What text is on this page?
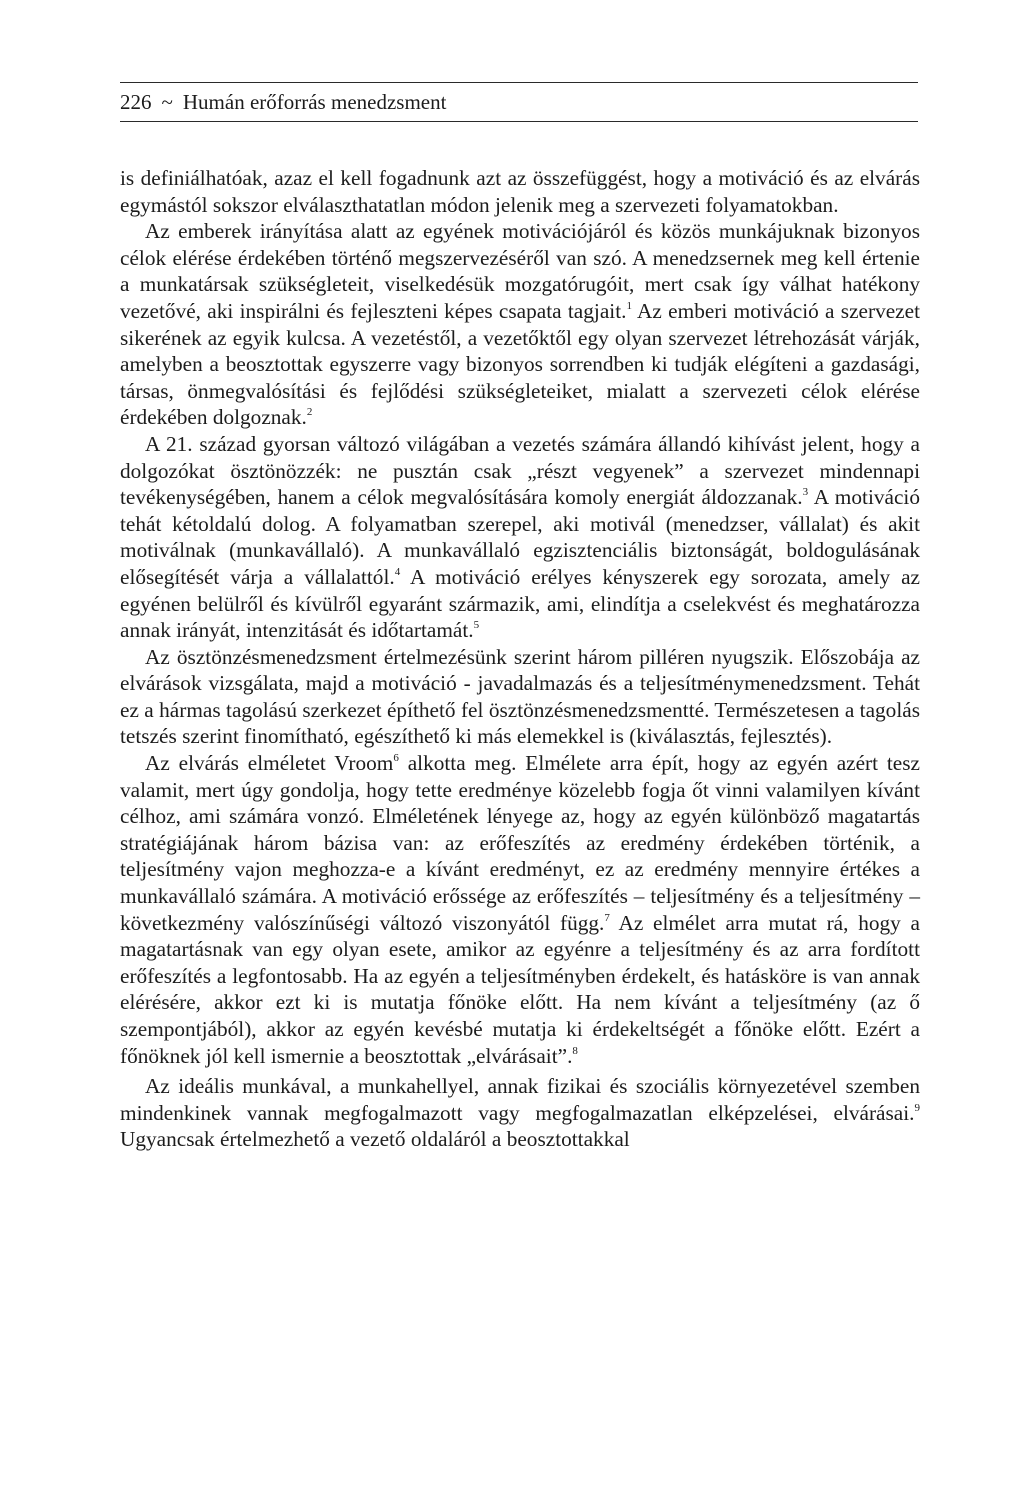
226 ~ Humán erőforrás menedzsment

is definiálhatóak, azaz el kell fogadnunk azt az összefüggést, hogy a motiváció és az elvárás egymástól sokszor elválaszthatatlan módon jelenik meg a szervezeti folyamatokban.

Az emberek irányítása alatt az egyének motivációjáról és közös munkájuknak bizonyos célok elérése érdekében történő megszervezéséről van szó. A menedzsernek meg kell értenie a munkatársak szükségleteit, viselkedésük mozgatórugóit, mert csak így válhat hatékony vezetővé, aki inspirálni és fejleszteni képes csapata tagjait.$^1$ Az emberi motiváció a szervezet sikerének az egyik kulcsa. A vezetéstől, a vezetőktől egy olyan szervezet létrehozását várják, amelyben a beosztottak egyszerre vagy bizonyos sorrendben ki tudják elégíteni a gazdasági, társas, önmegvalósítási és fejlődési szükségleteiket, mialatt a szervezeti célok elérése érdekében dolgoznak.$^2$

A 21. század gyorsan változó világában a vezetés számára állandó kihívást jelent, hogy a dolgozókat ösztönözzék: ne pusztán csak „részt vegyenek” a szervezet mindennapi tevékenységében, hanem a célok megvalósítására komoly energiát áldozzanak.$^3$ A motiváció tehát kétoldalú dolog. A folyamatban szerepel, aki motivál (menedzser, vállalat) és akit motiválnak (munkavállaló). A munkavállaló egzisztenciális biztonságát, boldogulásának elősegítését várja a vállalattól.$^4$ A motiváció erélyes kényszerek egy sorozata, amely az egyénen belülről és kívülről egyaránt származik, ami, elindítja a cselekvést és meghatározza annak irányát, intenzitását és időtartamát.$^5$

Az ösztönzésmenedzsment értelmezésünk szerint három pilléren nyugszik. Előszobája az elvárások vizsgálata, majd a motiváció - javadalmazás és a teljesítménymenedzsment. Tehát ez a hármas tagolású szerkezet építhető fel ösztönzésmenedzsmentté. Természetesen a tagolás tetszés szerint finomítható, egészíthető ki más elemekkel is (kiválasztás, fejlesztés).

Az elvárás elméletet Vroom$^6$ alkotta meg. Elmélete arra épít, hogy az egyén azért tesz valamit, mert úgy gondolja, hogy tette eredménye közelebb fogja őt vinni valamilyen kívánt célhoz, ami számára vonzó. Elméletének lényege az, hogy az egyén különböző magatartás stratégiájának három bázisa van: az erőfeszítés az eredmény érdekében történik, a teljesítmény vajon meghozza-e a kívánt eredményt, ez az eredmény mennyire értékes a munkavállaló számára. A motiváció erőssége az erőfeszítés – teljesítmény és a teljesítmény – következmény valószínűségi változó viszonyától függ.$^7$ Az elmélet arra mutat rá, hogy a magatartásnak van egy olyan esete, amikor az egyénre a teljesítmény és az arra fordított erőfeszítés a legfontosabb. Ha az egyén a teljesítményben érdekelt, és hatásköre is van annak elérésére, akkor ezt ki is mutatja főnöke előtt. Ha nem kívánt a teljesítmény (az ő szempontjából), akkor az egyén kevésbé mutatja ki érdekeltségét a főnöke előtt. Ezért a főnöknek jól kell ismernie a beosztottak „elvárásait”.$^8$

Az ideális munkával, a munkahellyel, annak fizikai és szociális környezetével szemben mindenkinek vannak megfogalmazott vagy megfogalmazatlan elképzelései, elvárásai.$^9$ Ugyancsak értelmezhető a vezető oldaláról a beosztottakkal
